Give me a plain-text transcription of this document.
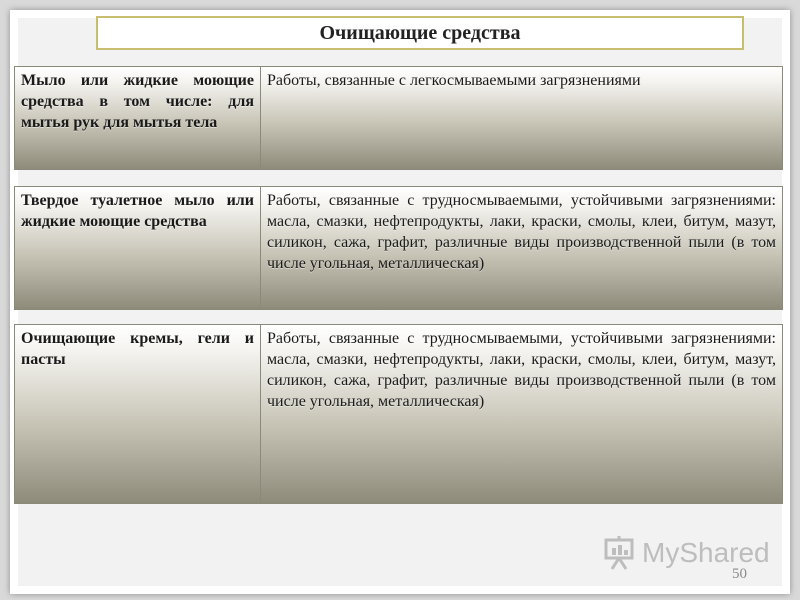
Очищающие средства
Мыло или жидкие моющие средства в том числе: для мытья рук для мытья тела
Работы, связанные с легкосмываемыми загрязнениями
Твердое туалетное мыло или жидкие моющие средства
Работы, связанные с трудносмываемыми, устойчивыми загрязнениями: масла, смазки, нефтепродукты, лаки, краски, смолы, клеи, битум, мазут, силикон, сажа, графит, различные виды производственной пыли (в том числе угольная, металлическая)
Очищающие кремы, гели и пасты
Работы, связанные с трудносмываемыми, устойчивыми загрязнениями: масла, смазки, нефтепродукты, лаки, краски, смолы, клеи, битум, мазут, силикон, сажа, графит, различные виды производственной пыли (в том числе угольная, металлическая)
MyShared
50
